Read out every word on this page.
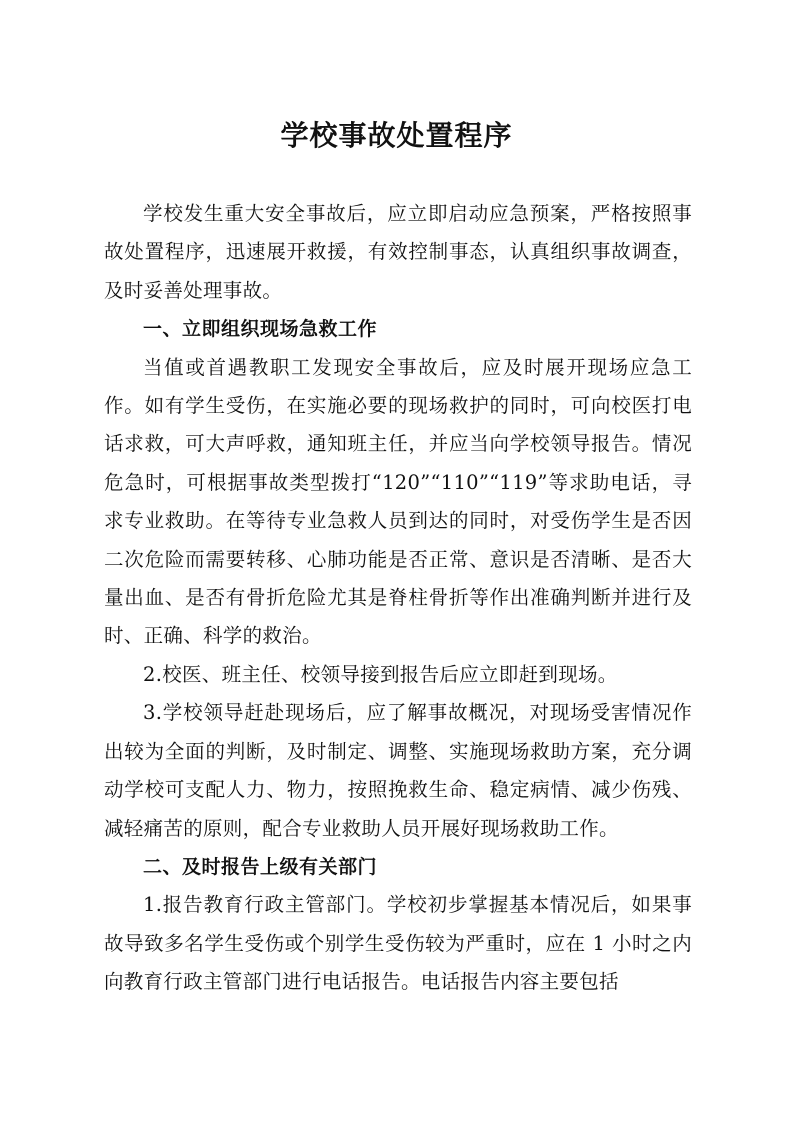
学校事故处置程序

学校发生重大安全事故后，应立即启动应急预案，严格按照事故处置程序，迅速展开救援，有效控制事态，认真组织事故调查，及时妥善处理事故。

一、立即组织现场急救工作

当值或首遇教职工发现安全事故后，应及时展开现场应急工作。如有学生受伤，在实施必要的现场救护的同时，可向校医打电话求救，可大声呼救，通知班主任，并应当向学校领导报告。情况危急时，可根据事故类型拨打“120”“110”“119”等求助电话，寻求专业救助。在等待专业急救人员到达的同时，对受伤学生是否因二次危险而需要转移、心肺功能是否正常、意识是否清晰、是否大量出血、是否有骨折危险尤其是脊柱骨折等作出准确判断并进行及时、正确、科学的救治。

2.校医、班主任、校领导接到报告后应立即赶到现场。

3.学校领导赶赴现场后，应了解事故概况，对现场受害情况作出较为全面的判断，及时制定、调整、实施现场救助方案，充分调动学校可支配人力、物力，按照挽救生命、稳定病情、减少伤残、减轻痛苦的原则，配合专业救助人员开展好现场救助工作。

二、及时报告上级有关部门

1.报告教育行政主管部门。学校初步掌握基本情况后，如果事故导致多名学生受伤或个别学生受伤较为严重时，应在 1 小时之内向教育行政主管部门进行电话报告。电话报告内容主要包括
